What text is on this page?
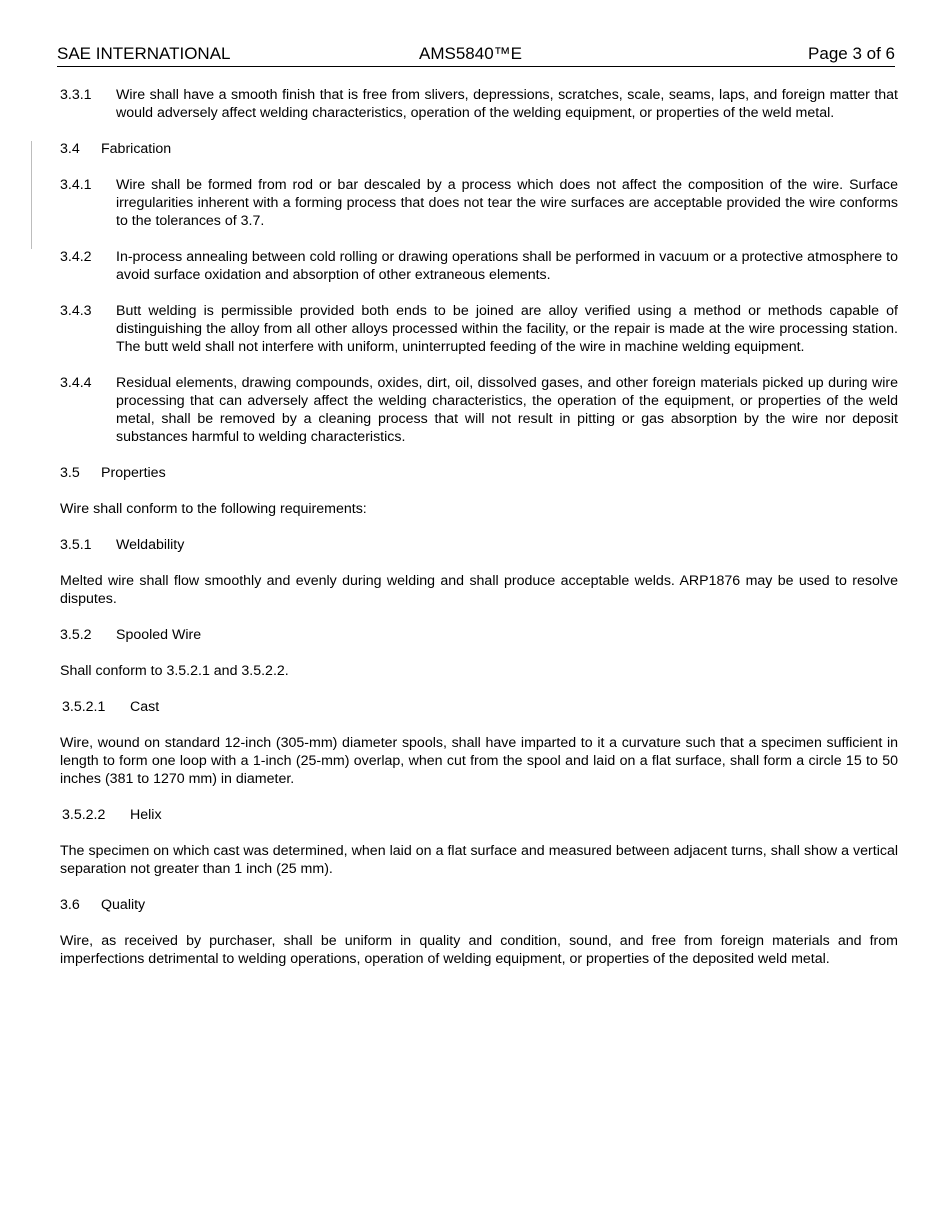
SAE INTERNATIONAL	AMS5840™E	Page 3 of 6
3.3.1	Wire shall have a smooth finish that is free from slivers, depressions, scratches, scale, seams, laps, and foreign matter that would adversely affect welding characteristics, operation of the welding equipment, or properties of the weld metal.
3.4 Fabrication
3.4.1	Wire shall be formed from rod or bar descaled by a process which does not affect the composition of the wire. Surface irregularities inherent with a forming process that does not tear the wire surfaces are acceptable provided the wire conforms to the tolerances of 3.7.
3.4.2	In-process annealing between cold rolling or drawing operations shall be performed in vacuum or a protective atmosphere to avoid surface oxidation and absorption of other extraneous elements.
3.4.3	Butt welding is permissible provided both ends to be joined are alloy verified using a method or methods capable of distinguishing the alloy from all other alloys processed within the facility, or the repair is made at the wire processing station. The butt weld shall not interfere with uniform, uninterrupted feeding of the wire in machine welding equipment.
3.4.4	Residual elements, drawing compounds, oxides, dirt, oil, dissolved gases, and other foreign materials picked up during wire processing that can adversely affect the welding characteristics, the operation of the equipment, or properties of the weld metal, shall be removed by a cleaning process that will not result in pitting or gas absorption by the wire nor deposit substances harmful to welding characteristics.
3.5 Properties
Wire shall conform to the following requirements:
3.5.1 Weldability
Melted wire shall flow smoothly and evenly during welding and shall produce acceptable welds. ARP1876 may be used to resolve disputes.
3.5.2 Spooled Wire
Shall conform to 3.5.2.1 and 3.5.2.2.
3.5.2.1 Cast
Wire, wound on standard 12-inch (305-mm) diameter spools, shall have imparted to it a curvature such that a specimen sufficient in length to form one loop with a 1-inch (25-mm) overlap, when cut from the spool and laid on a flat surface, shall form a circle 15 to 50 inches (381 to 1270 mm) in diameter.
3.5.2.2 Helix
The specimen on which cast was determined, when laid on a flat surface and measured between adjacent turns, shall show a vertical separation not greater than 1 inch (25 mm).
3.6 Quality
Wire, as received by purchaser, shall be uniform in quality and condition, sound, and free from foreign materials and from imperfections detrimental to welding operations, operation of welding equipment, or properties of the deposited weld metal.
